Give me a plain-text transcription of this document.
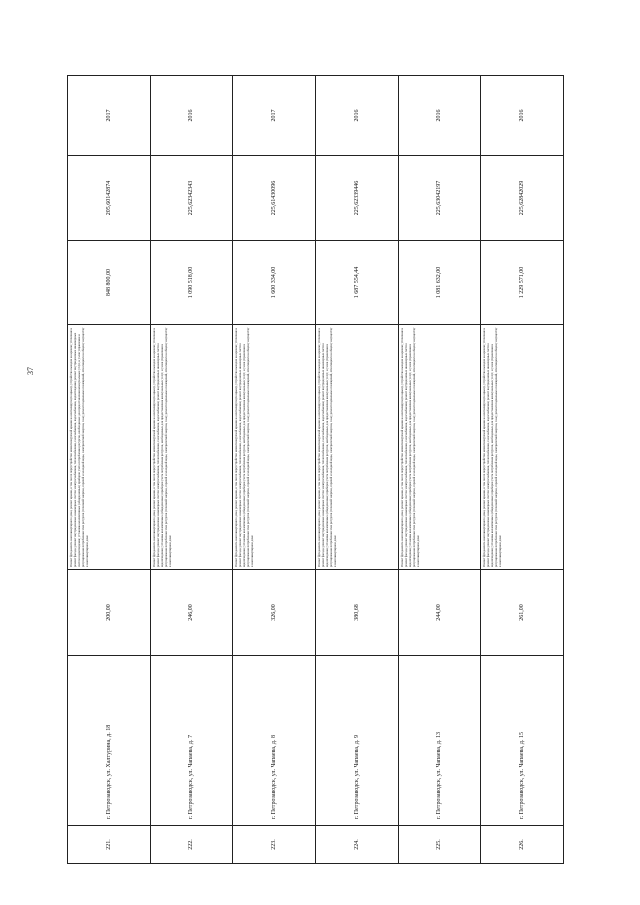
37
221.	г. Петрозаводск, ул. Халтурина, д. 18	200,00	Ремонт фундамента многоквартирного дома; ремонт крыши, в том числе переустройство невентилируемой крыши на вентилируемую крышу, устройство выходов на кровлю; утепление и ремонт фасада; ремонт внутридомовых инженерных систем электроснабжения, теплоснабжения, газоснабжения, водоснабжения, водоотведения; ремонт внутридомовых инженерных систем водоотведения; установка коллективных (общедомовых) приборов учета потребления ресурсов, необходимых для предоставления коммунальных услуг, и узлов управления и регулирования потребления этих ресурсов (тепловой энергии, горячей и холодной воды, электрической энергии, газа); ремонт подвальных помещений, относящихся к общему имуществу в многоквартирном доме	848 800,00	205,60142874	2017
222.	г. Петрозаводск, ул. Чапаева, д. 7	246,00	Ремонт фундамента многоквартирного дома; ремонт крыши, в том числе переустройство невентилируемой крыши на вентилируемую крышу, устройство выходов на кровлю; утепление и ремонт фасада; ремонт внутридомовых инженерных систем электроснабжения, теплоснабжения, газоснабжения, водоснабжения; ремонт внутридомовых инженерных систем водоотведения; установка коллективных (общедомовых) приборов учета потребления ресурсов, необходимых для предоставления коммунальных услуг, и узлов управления и регулирования потребления этих ресурсов (тепловой энергии, горячей и холодной воды, электрической энергии, газа); ремонт подвальных помещений, относящихся к общему имуществу в многоквартирном доме	1 090 518,00	225,62342343	2016
223.	г. Петрозаводск, ул. Чапаева, д. 8	326,00	Ремонт фундамента многоквартирного дома; ремонт крыши, в том числе переустройство невентилируемой крыши на вентилируемую крышу, устройство выходов на кровлю; утепление и ремонт фасада; ремонт внутридомовых инженерных систем электроснабжения, теплоснабжения, газоснабжения, водоснабжения; ремонт внутридомовых инженерных систем водоотведения; установка коллективных (общедомовых) приборов учета потребления ресурсов, необходимых для предоставления коммунальных услуг, и узлов управления и регулирования потребления этих ресурсов (тепловой энергии, горячей и холодной воды, электрической энергии, газа); ремонт подвальных помещений, относящихся к общему имуществу в многоквартирном доме	1 600 334,00	225,61430096	2017
224.	г. Петрозаводск, ул. Чапаева, д. 9	380,68	Ремонт фундамента многоквартирного дома; ремонт крыши, в том числе переустройство невентилируемой крыши на вентилируемую крышу, устройство выходов на кровлю; утепление и ремонт фасада; ремонт внутридомовых инженерных систем электроснабжения, теплоснабжения, газоснабжения, водоснабжения; ремонт внутридомовых инженерных систем водоотведения; установка коллективных (общедомовых) приборов учета потребления ресурсов, необходимых для предоставления коммунальных услуг, и узлов управления и регулирования потребления этих ресурсов (тепловой энергии, горячей и холодной воды, электрической энергии, газа); ремонт подвальных помещений, относящихся к общему имуществу в многоквартирном доме	1 687 554,44	225,62339446	2016
225.	г. Петрозаводск, ул. Чапаева, д. 13	244,00	Ремонт фундамента многоквартирного дома; ремонт крыши, в том числе переустройство невентилируемой крыши на вентилируемую крышу, устройство выходов на кровлю; утепление и ремонт фасада; ремонт внутридомовых инженерных систем электроснабжения, теплоснабжения, газоснабжения, водоснабжения; ремонт внутридомовых инженерных систем водоотведения; установка коллективных (общедомовых) приборов учета потребления ресурсов, необходимых для предоставления коммунальных услуг, и узлов управления и регулирования потребления этих ресурсов (тепловой энергии, горячей и холодной воды, электрической энергии, газа); ремонт подвальных помещений, относящихся к общему имуществу в многоквартирном доме	1 081 632,00	225,63042197	2016
226.	г. Петрозаводск, ул. Чапаева, д. 15	261,00	Ремонт фундамента многоквартирного дома; ремонт крыши, в том числе переустройство невентилируемой крыши на вентилируемую крышу, устройство выходов на кровлю; утепление и ремонт фасада; ремонт внутридомовых инженерных систем электроснабжения, теплоснабжения, газоснабжения, водоснабжения; ремонт внутридомовых инженерных систем водоотведения; установка коллективных (общедомовых) приборов учета потребления ресурсов, необходимых для предоставления коммунальных услуг, и узлов управления и регулирования потребления этих ресурсов (тепловой энергии, горячей и холодной воды, электрической энергии, газа); ремонт подвальных помещений, относящихся к общему имуществу в многоквартирном доме	1 229 571,00	225,62842029	2016
